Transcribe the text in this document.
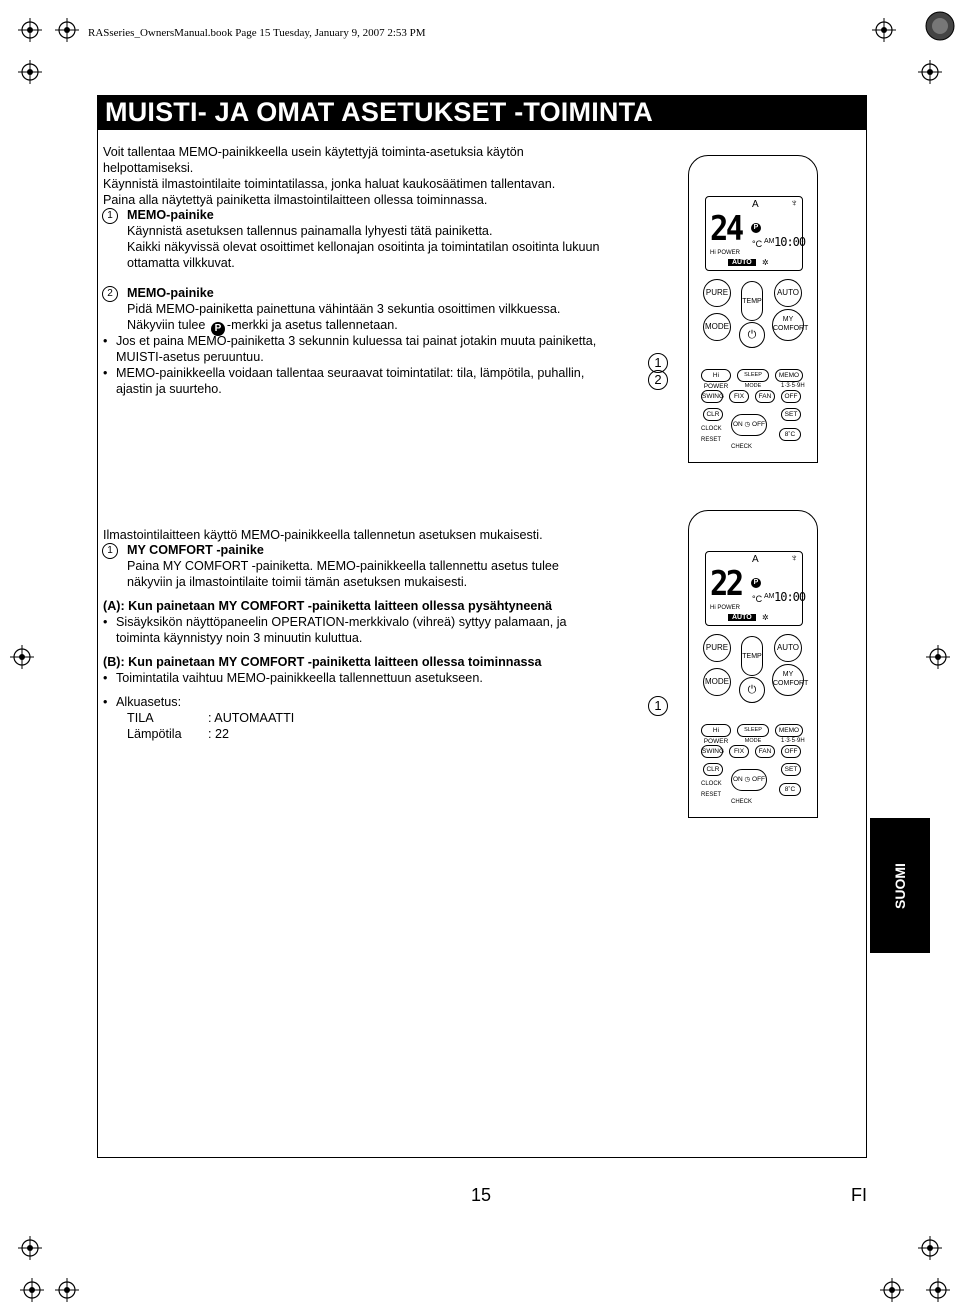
RASseries_OwnersManual.book Page 15 Tuesday, January 9, 2007 2:53 PM
MUISTI- JA OMAT ASETUKSET -TOIMINTA
Voit tallentaa MEMO-painikkeella usein käytettyjä toiminta-asetuksia käytön
helpottamiseksi.
Käynnistä ilmastointilaite toimintatilassa, jonka haluat kaukosäätimen tallentavan.
Paina alla näytettyä painiketta ilmastointilaitteen ollessa toiminnassa.
1	MEMO-painike
Käynnistä asetuksen tallennus painamalla lyhyesti tätä painiketta.
Kaikki näkyvissä olevat osoittimet kellonajan osoitinta ja toimintatilan osoitinta lukuun
ottamatta vilkkuvat.
2	MEMO-painike
Pidä MEMO-painiketta painettuna vähintään 3 sekuntia osoittimen vilkkuessa.
Näkyviin tulee P -merkki ja asetus tallennetaan.
• Jos et paina MEMO-painiketta 3 sekunnin kuluessa tai painat jotakin muuta painiketta,
MUISTI-asetus peruuntuu.
• MEMO-painikkeella voidaan tallentaa seuraavat toimintatilat: tila, lämpötila, puhallin,
ajastin ja suurteho.
1
2
A	♆
24	P
°C AM 10:00
Hi POWER
AUTO	✲
PURE
TEMP
AUTO
MODE
⏻
MY
COMFORT
Hi POWER
SLEEP MODE
MEMO
1·3·5·9H
SWING	FIX	FAN	OFF
CLR
ON ◷ OFF
SET
CLOCK
8˚C
RESET
CHECK
Ilmastointilaitteen käyttö MEMO-painikkeella tallennetun asetuksen mukaisesti.
1	MY COMFORT -painike
Paina MY COMFORT -painiketta. MEMO-painikkeella tallennettu asetus tulee
näkyviin ja ilmastointilaite toimii tämän asetuksen mukaisesti.
(A): Kun painetaan MY COMFORT -painiketta laitteen ollessa pysähtyneenä
• Sisäyksikön näyttöpaneelin OPERATION-merkkivalo (vihreä) syttyy palamaan, ja
toiminta käynnistyy noin 3 minuutin kuluttua.
(B): Kun painetaan MY COMFORT -painiketta laitteen ollessa toiminnassa
• Toimintatila vaihtuu MEMO-painikkeella tallennettuun asetukseen.
• Alkuasetus:
TILA	: AUTOMAATTI
Lämpötila : 22
1
A	♆
22	P
°C AM 10:00
Hi POWER
AUTO	✲
PURE
TEMP
AUTO
MODE
⏻
MY
COMFORT
Hi POWER
SLEEP MODE
MEMO
1·3·5·9H
SWING	FIX	FAN	OFF
CLR
ON ◷ OFF
SET
CLOCK
8˚C
RESET
CHECK
SUOMI
15	FI
